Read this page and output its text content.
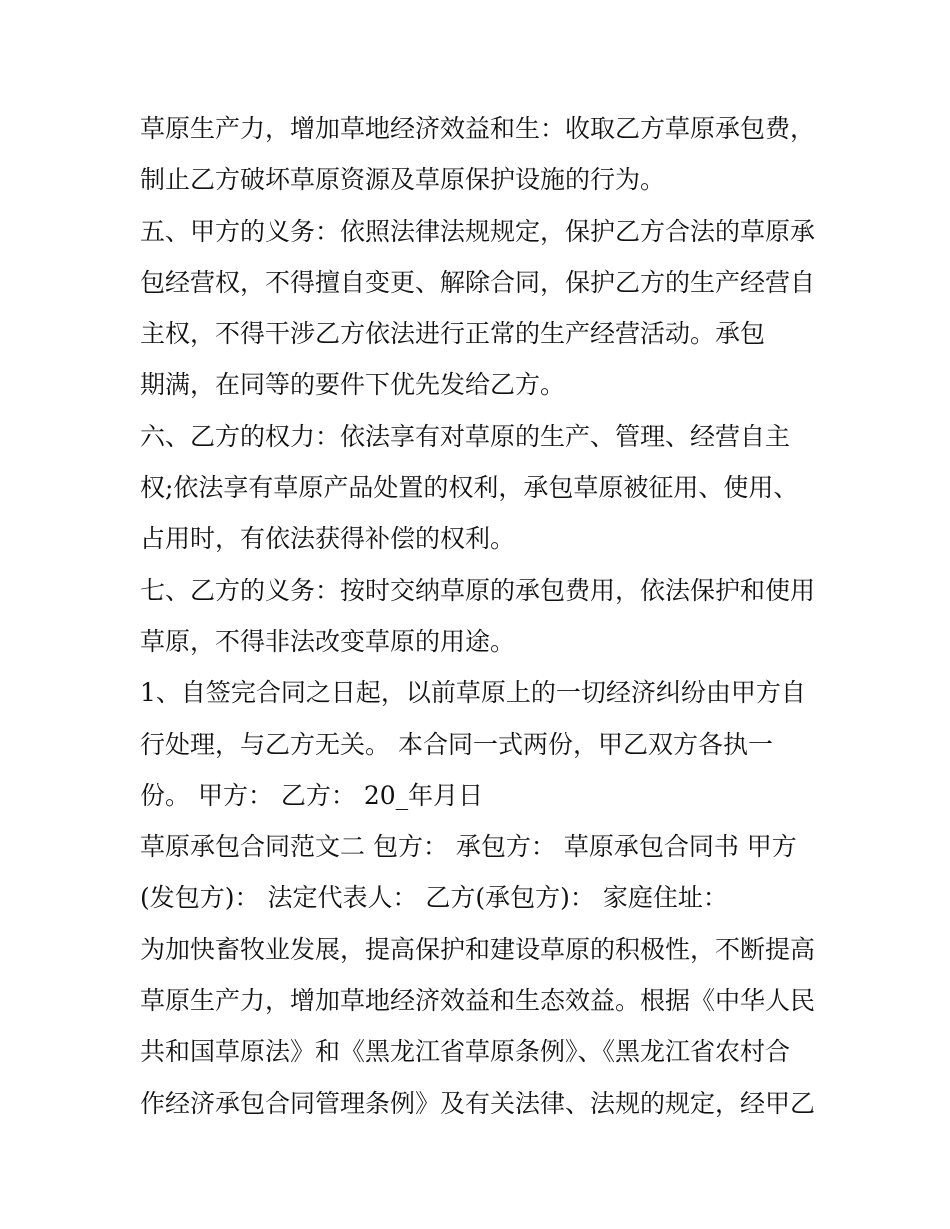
草原生产力，增加草地经济效益和生：收取乙方草原承包费，
制止乙方破坏草原资源及草原保护设施的行为。
五、甲方的义务：依照法律法规规定，保护乙方合法的草原承
包经营权，不得擅自变更、解除合同，保护乙方的生产经营自
主权，不得干涉乙方依法进行正常的生产经营活动。承包
期满，在同等的要件下优先发给乙方。
六、乙方的权力：依法享有对草原的生产、管理、经营自主
权;依法享有草原产品处置的权利，承包草原被征用、使用、
占用时，有依法获得补偿的权利。
七、乙方的义务：按时交纳草原的承包费用，依法保护和使用
草原，不得非法改变草原的用途。
1、自签完合同之日起，以前草原上的一切经济纠纷由甲方自
行处理，与乙方无关。 本合同一式两份，甲乙双方各执一
份。 甲方： 乙方： 20_年月日
草原承包合同范文二 包方： 承包方： 草原承包合同书 甲方
(发包方)： 法定代表人： 乙方(承包方)： 家庭住址：
为加快畜牧业发展，提高保护和建设草原的积极性，不断提高
草原生产力，增加草地经济效益和生态效益。根据《中华人民
共和国草原法》和《黑龙江省草原条例》、《黑龙江省农村合
作经济承包合同管理条例》及有关法律、法规的规定，经甲乙
